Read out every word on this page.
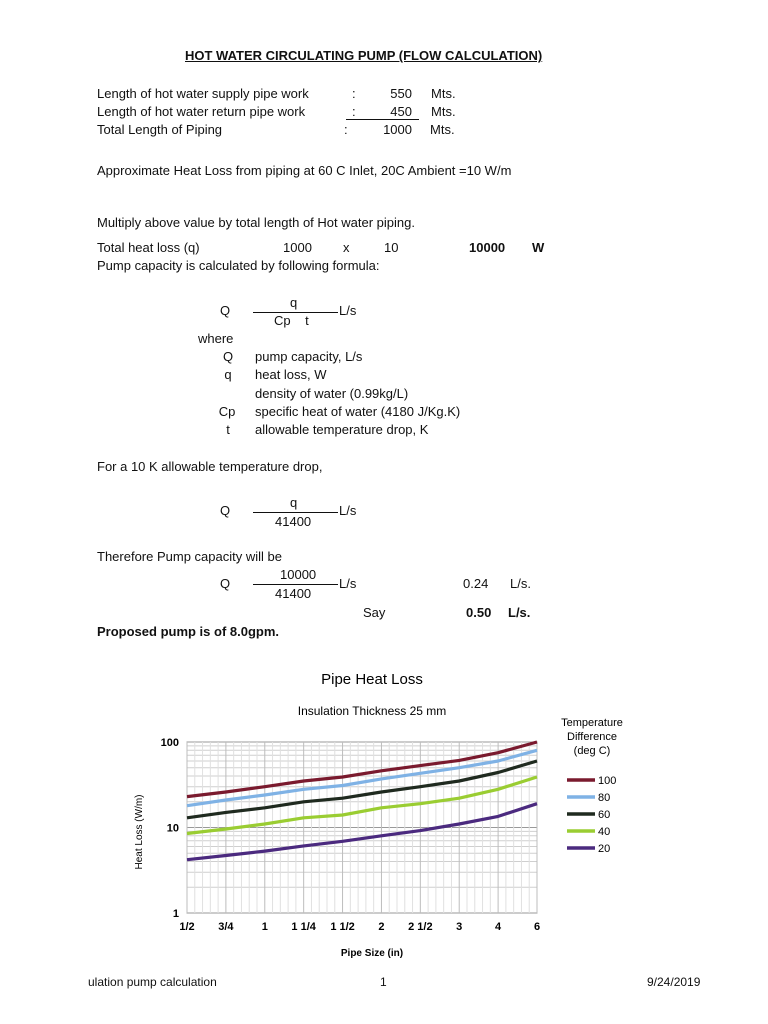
HOT WATER CIRCULATING PUMP (FLOW CALCULATION)
Length of hot water supply pipe work	:	550 Mts.
Length of hot water return pipe work	:	450	Mts.
Total Length of Piping	:	1000 Mts.
Approximate Heat Loss from piping at 60 C Inlet, 20C Ambient =10 W/m
Multiply above value by total length of Hot water piping.
Total heat loss (q)	1000 x	10	10000 W
Pump capacity is calculated by following formula:
Q
q
Cp    t
L/s
where
Q	pump capacity, L/s
q	heat loss, W
density of water (0.99kg/L)
Cp	specific heat of water (4180 J/Kg.K)
t	allowable temperature drop, K
For a 10 K allowable temperature drop,
Q
q
41400
L/s
Therefore Pump capacity will be
Q
10000
41400
L/s	0.24 L/s.
Say	0.50 L/s.
Proposed pump is of 8.0gpm.
1
10
100
1/2 3/4	1 1 1/4 1 1/2 2 2 1/2 3	4	6
Pipe Heat Loss
Insulation Thickness 25 mm
Pipe Size (in)
Heat Loss (W/m)
Temperature
Difference
(deg C)
100
80
60
40
20
ulation pump calculation	1	9/24/2019
